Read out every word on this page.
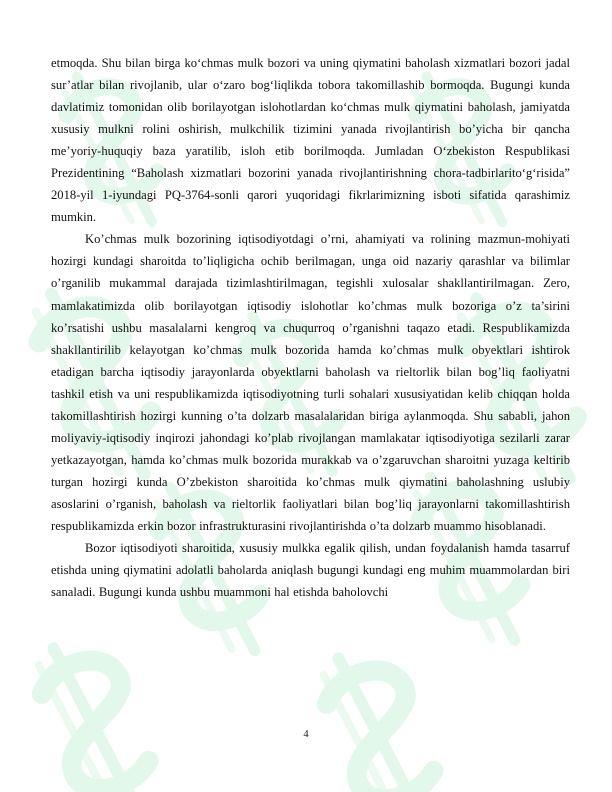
etmoqda. Shu bilan birga ko‘chmas mulk bozori va uning qiymatini baholash xizmatlari bozori jadal sur’atlar bilan rivojlanib, ular o‘zaro bog‘liqlikda tobora takomillashib bormoqda. Bugungi kunda davlatimiz tomonidan olib borilayotgan islohotlardan ko‘chmas mulk qiymatini baholash, jamiyatda xususiy mulkni rolini oshirish, mulkchilik tizimini yanada rivojlantirish bo’yicha bir qancha me’yoriy-huquqiy baza yaratilib, isloh etib borilmoqda. Jumladan O‘zbekiston Respublikasi Prezidentining “Baholash xizmatlari bozorini yanada rivojlantirishning chora-tadbirlarito‘g‘risida” 2018-yil 1-iyundagi PQ-3764-sonli qarori yuqoridagi fikrlarimizning isboti sifatida qarashimiz mumkin.

Ko’chmas mulk bozorining iqtisodiyotdagi o’rni, ahamiyati va rolining mazmun-mohiyati hozirgi kundagi sharoitda to’liqligicha ochib berilmagan, unga oid nazariy qarashlar va bilimlar o’rganilib mukammal darajada tizimlashtirilmagan, tegishli xulosalar shakllantirilmagan. Zero, mamlakatimizda olib borilayotgan iqtisodiy islohotlar ko’chmas mulk bozoriga o’z ta’sirini ko’rsatishi ushbu masalalarni kengroq va chuqurroq o’rganishni taqazo etadi. Respublikamizda shakllantirilib kelayotgan ko’chmas mulk bozorida hamda ko’chmas mulk obyektlari ishtirok etadigan barcha iqtisodiy jarayonlarda obyektlarni baholash va rieltorlik bilan bog’liq faoliyatni tashkil etish va uni respublikamizda iqtisodiyotning turli sohalari xususiyatidan kelib chiqqan holda takomillashtirish hozirgi kunning o’ta dolzarb masalalaridan biriga aylanmoqda. Shu sababli, jahon moliyaviy-iqtisodiy inqirozi jahondagi ko’plab rivojlangan mamlakatar iqtisodiyotiga sezilarli zarar yetkazayotgan, hamda ko’chmas mulk bozorida murakkab va o’zgaruvchan sharoitni yuzaga keltirib turgan hozirgi kunda O’zbekiston sharoitida ko’chmas mulk qiymatini baholashning uslubiy asoslarini o’rganish, baholash va rieltorlik faoliyatlari bilan bog’liq jarayonlarni takomillashtirish respublikamizda erkin bozor infrastrukturasini rivojlantirishda o’ta dolzarb muammo hisoblanadi.

Bozor iqtisodiyoti sharoitida, xususiy mulkka egalik qilish, undan foydalanish hamda tasarruf etishda uning qiymatini adolatli baholarda aniqlash bugungi kundagi eng muhim muammolardan biri sanaladi. Bugungi kunda ushbu muammoni hal etishda baholovchi

4
